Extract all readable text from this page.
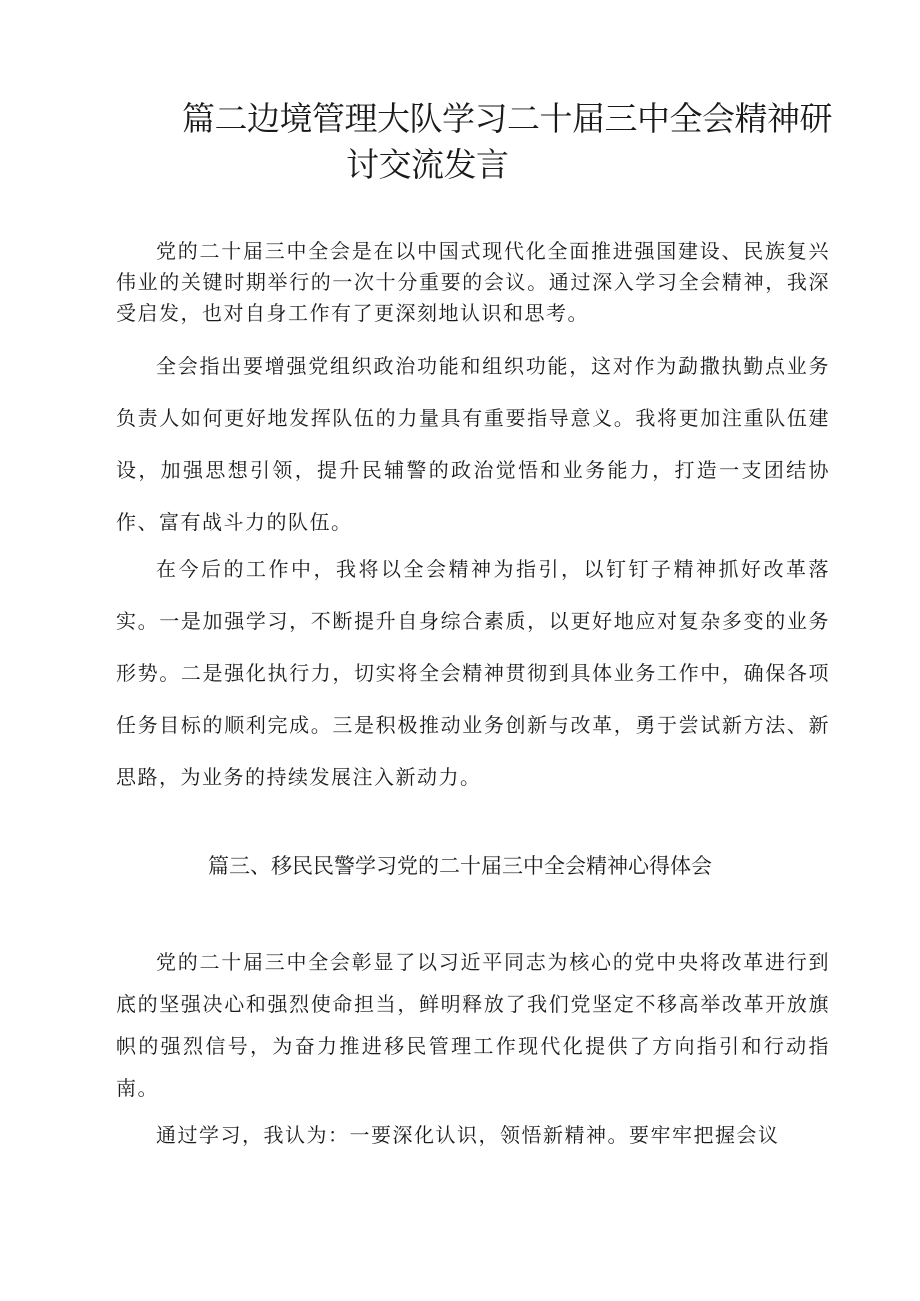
篇二边境管理大队学习二十届三中全会精神研
讨交流发言

党的二十届三中全会是在以中国式现代化全面推进强国建设、民族复兴伟业的关键时期举行的一次十分重要的会议。通过深入学习全会精神，我深受启发，也对自身工作有了更深刻地认识和思考。

全会指出要增强党组织政治功能和组织功能，这对作为勐撒执勤点业务负责人如何更好地发挥队伍的力量具有重要指导意义。我将更加注重队伍建设，加强思想引领，提升民辅警的政治觉悟和业务能力，打造一支团结协作、富有战斗力的队伍。

在今后的工作中，我将以全会精神为指引，以钉钉子精神抓好改革落实。一是加强学习，不断提升自身综合素质，以更好地应对复杂多变的业务形势。二是强化执行力，切实将全会精神贯彻到具体业务工作中，确保各项任务目标的顺利完成。三是积极推动业务创新与改革，勇于尝试新方法、新思路，为业务的持续发展注入新动力。

篇三、移民民警学习党的二十届三中全会精神心得体会

党的二十届三中全会彰显了以习近平同志为核心的党中央将改革进行到底的坚强决心和强烈使命担当，鲜明释放了我们党坚定不移高举改革开放旗帜的强烈信号，为奋力推进移民管理工作现代化提供了方向指引和行动指南。

通过学习，我认为：一要深化认识，领悟新精神。要牢牢把握会议
